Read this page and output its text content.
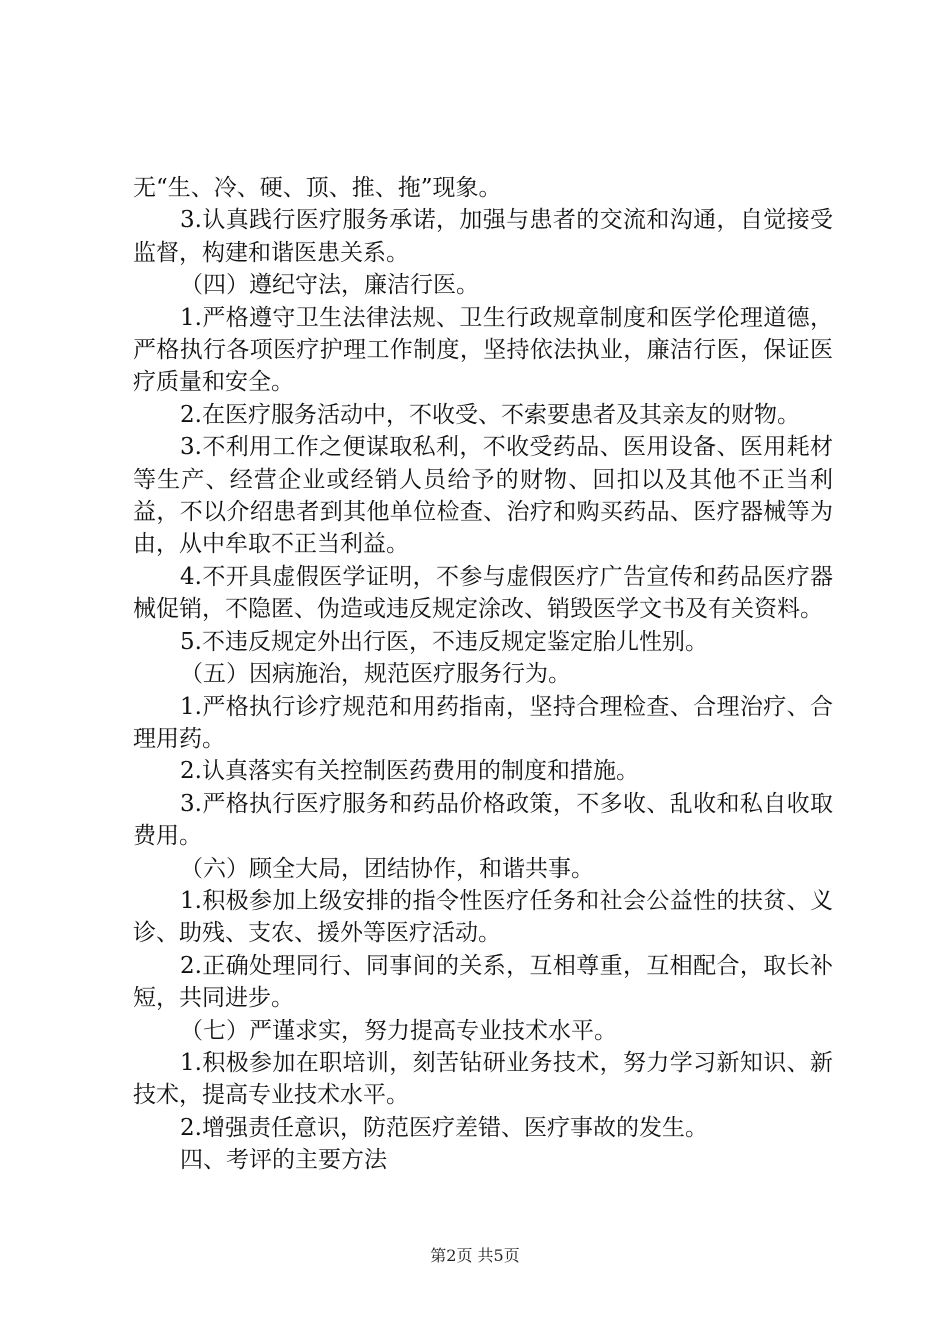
无“生、冷、硬、顶、推、拖”现象。

3.认真践行医疗服务承诺，加强与患者的交流和沟通，自觉接受监督，构建和谐医患关系。

（四）遵纪守法，廉洁行医。

1.严格遵守卫生法律法规、卫生行政规章制度和医学伦理道德，严格执行各项医疗护理工作制度，坚持依法执业，廉洁行医，保证医疗质量和安全。

2.在医疗服务活动中，不收受、不索要患者及其亲友的财物。

3.不利用工作之便谋取私利，不收受药品、医用设备、医用耗材等生产、经营企业或经销人员给予的财物、回扣以及其他不正当利益，不以介绍患者到其他单位检查、治疗和购买药品、医疗器械等为由，从中牟取不正当利益。

4.不开具虚假医学证明，不参与虚假医疗广告宣传和药品医疗器械促销，不隐匿、伪造或违反规定涂改、销毁医学文书及有关资料。

5.不违反规定外出行医，不违反规定鉴定胎儿性别。

（五）因病施治，规范医疗服务行为。

1.严格执行诊疗规范和用药指南，坚持合理检查、合理治疗、合理用药。

2.认真落实有关控制医药费用的制度和措施。

3.严格执行医疗服务和药品价格政策，不多收、乱收和私自收取费用。

（六）顾全大局，团结协作，和谐共事。

1.积极参加上级安排的指令性医疗任务和社会公益性的扶贫、义诊、助残、支农、援外等医疗活动。

2.正确处理同行、同事间的关系，互相尊重，互相配合，取长补短，共同进步。

（七）严谨求实，努力提高专业技术水平。

1.积极参加在职培训，刻苦钻研业务技术，努力学习新知识、新技术，提高专业技术水平。

2.增强责任意识，防范医疗差错、医疗事故的发生。

四、考评的主要方法

第2页 共5页
